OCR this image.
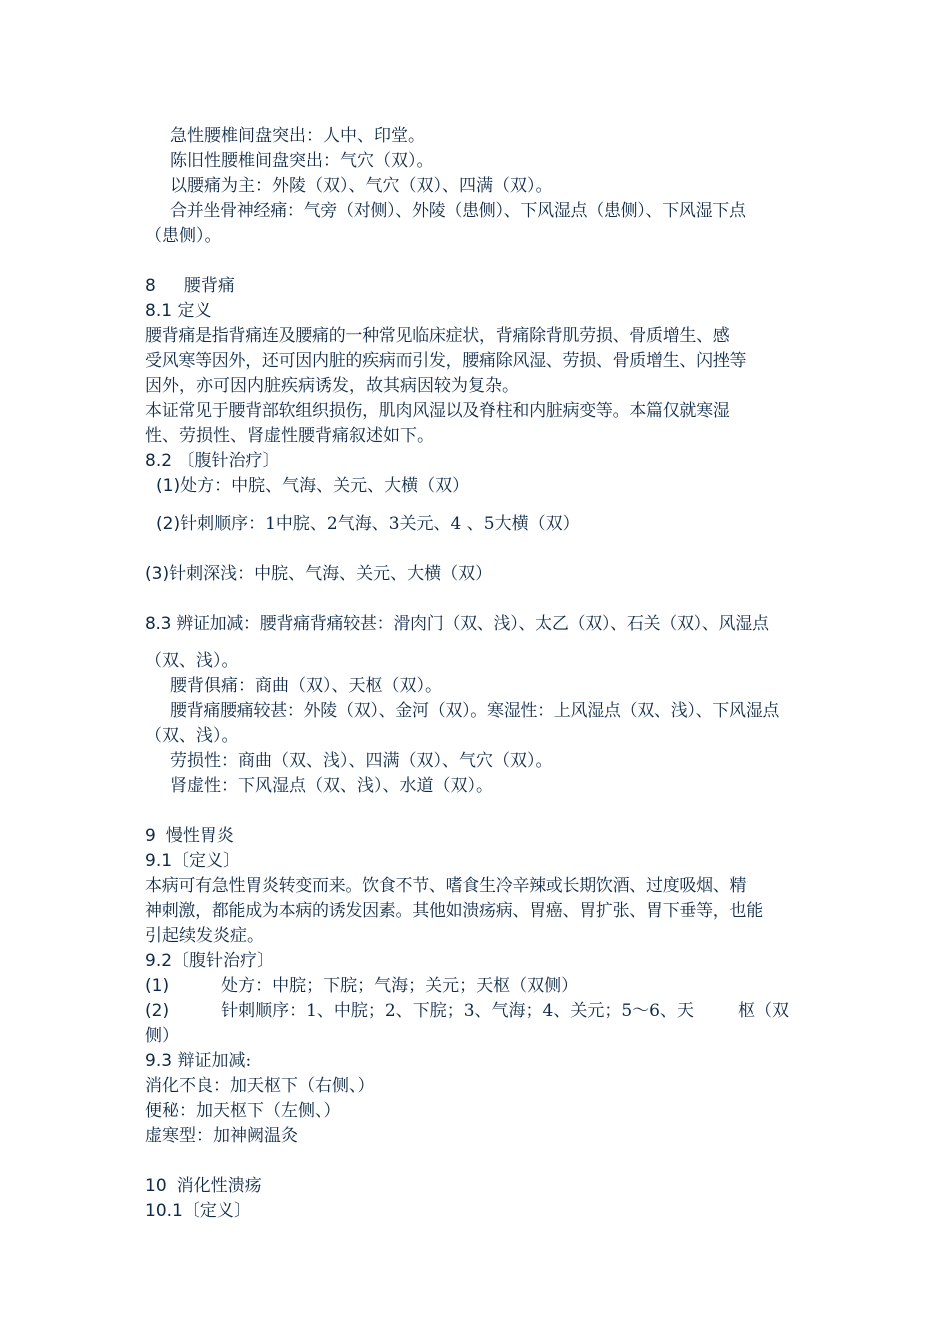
急性腰椎间盘突出：人中、印堂。
陈旧性腰椎间盘突出：气穴（双）。
以腰痛为主：外陵（双）、气穴（双）、四满（双）。
合并坐骨神经痛：气旁（对侧）、外陵（患侧）、下风湿点（患侧）、下风湿下点
（患侧）。
8 腰背痛
8.1 定义
腰背痛是指背痛连及腰痛的一种常见临床症状，背痛除背肌劳损、骨质增生、感
受风寒等因外，还可因内脏的疾病而引发，腰痛除风湿、劳损、骨质增生、闪挫等
因外，亦可因内脏疾病诱发，故其病因较为复杂。
本证常见于腰背部软组织损伤，肌肉风湿以及脊柱和内脏病变等。本篇仅就寒湿
性、劳损性、肾虚性腰背痛叙述如下。
8.2 〔腹针治疗〕
(1)处方：中脘、气海、关元、大横（双）
(2)针刺顺序：1中脘、2气海、3关元、4 、5大横（双）
(3)针刺深浅：中脘、气海、关元、大横（双）
8.3 辨证加减：腰背痛背痛较甚：滑肉门（双、浅）、太乙（双）、石关（双）、风湿点
（双、浅）。
腰背俱痛：商曲（双）、天枢（双）。
腰背痛腰痛较甚：外陵（双）、金河（双）。寒湿性：上风湿点（双、浅）、下风湿点
（双、浅）。
劳损性：商曲（双、浅）、四满（双）、气穴（双）。
肾虚性：下风湿点（双、浅）、水道（双）。
9 慢性胃炎
9.1〔定义〕
本病可有急性胃炎转变而来。饮食不节、嗜食生冷辛辣或长期饮酒、过度吸烟、精
神刺激，都能成为本病的诱发因素。其他如溃疡病、胃癌、胃扩张、胃下垂等，也能
引起续发炎症。
9.2〔腹针治疗〕
(1)	处方：中脘；下脘；气海；关元；天枢（双侧）
(2)	针刺顺序：1、中脘；2、下脘；3、气海；4、关元；5～6、天	枢（双
侧）
9.3 辩证加减:
消化不良：加天枢下（右侧、）
便秘：加天枢下（左侧、）
虚寒型：加神阙温灸
10 消化性溃疡
10.1〔定义〕
